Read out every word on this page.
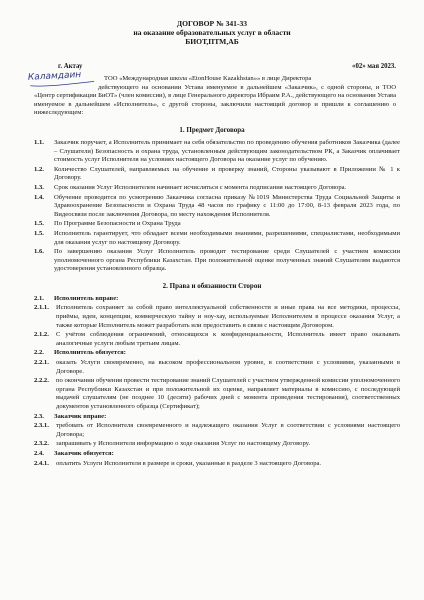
ДОГОВОР № 341-33
на оказание образовательных услуг в области
БИОТ,ПТМ,АБ
г. Актау	«02» мая 2023.

ТОО «Международная школа «EtonHouse Kazakhstan»» в лице Директора

Каламдаин

действующего на основании Устава именуемое в дальнейшем «Заказчик», с одной стороны, и ТОО «Центр сертификации БиОТ» (член комиссии), в лице Генерального директора Ибраим Р.А., действующего на основании Устава именуемое в дальнейшем «Исполнитель», с другой стороны, заключили настоящий договор и пришли к соглашению о нижеследующем:

1. Предмет Договора
1.1.	Заказчик поручает, а Исполнитель принимает на себя обязательство по проведению обучения работников Заказчика (далее – Слушатели) Безопасность и охрана труда, установленным действующим законодательством РК, а Заказчик оплачивает стоимость услуг Исполнителя на условиях настоящего Договора на оказание услуг по обучению.
1.2.	Количество Слушателей, направляемых на обучение и проверку знаний, Стороны указывают в Приложении № 1 к Договору.
1.3.	Срок оказания Услуг Исполнителем начинает исчисляться с момента подписания настоящего Договора.
1.4.	Обучение проводится по усмотрению Заказчика согласна приказу №1019 Министерства Труда Социальной Защиты и Здравоохранение Безопасности и Охрана Труда 48 часов по графику с 11:00 до 17:00, 8-13 февраля 2023 года, по Видеосвязи после заключения Договора, по месту нахождения Исполнителя.
1.5.	По Программе Безопасности и Охрана Труда
1.5.	Исполнитель гарантирует, что обладает всеми необходимыми знаниями, разрешениями, специалистами, необходимыми для оказания услуг по настоящему Договору.
1.6.	По завершению оказания Услуг Исполнитель проводит тестирование среди Слушателей с участием комиссии уполномоченного органа Республики Казахстан. При положительной оценке полученных знаний Слушателям выдаются удостоверения установленного образца.
2. Права и обязанности Сторон
2.1.	Исполнитель вправе:
2.1.1.	Исполнитель сохраняет за собой право интеллектуальной собственности и иные права на все методики, процессы, приёмы, идеи, концепции, коммерческую тайну и ноу-хау, используемые Исполнителем в процессе оказания Услуг, а также которые Исполнитель может разработать или предоставить в связи с настоящим Договором.
2.1.2.	С учётом соблюдения ограничений, относящихся к конфиденциальности, Исполнитель имеет право оказывать аналогичные услуги любым третьим лицам.
2.2.	Исполнитель обязуется:
2.2.1.	оказать Услуги своевременно, на высоком профессиональном уровне, в соответствии с условиями, указанными в Договоре.
2.2.2.	по окончании обучения провести тестирование знаний Слушателей с участием утвержденной комиссии уполномоченного органа Республики Казахстан и при положительной их оценке, направляет материалы в комиссию, с последующей выдачей слушателям (не позднее 10 (десяти) рабочих дней с момента проведения тестирования), соответственных документов установленного образца (Сертификат);
2.3.	Заказчик вправе:
2.3.1.	требовать от Исполнителя своевременного и надлежащего оказания Услуг в соответствии с условиями настоящего Договора;
2.3.2.	запрашивать у Исполнителя информацию о ходе оказания Услуг по настоящему Договору.
2.4.	Заказчик обязуется:
2.4.1.	оплатить Услуги Исполнителя в размере и сроки, указанные в разделе 3 настоящего Договора.
